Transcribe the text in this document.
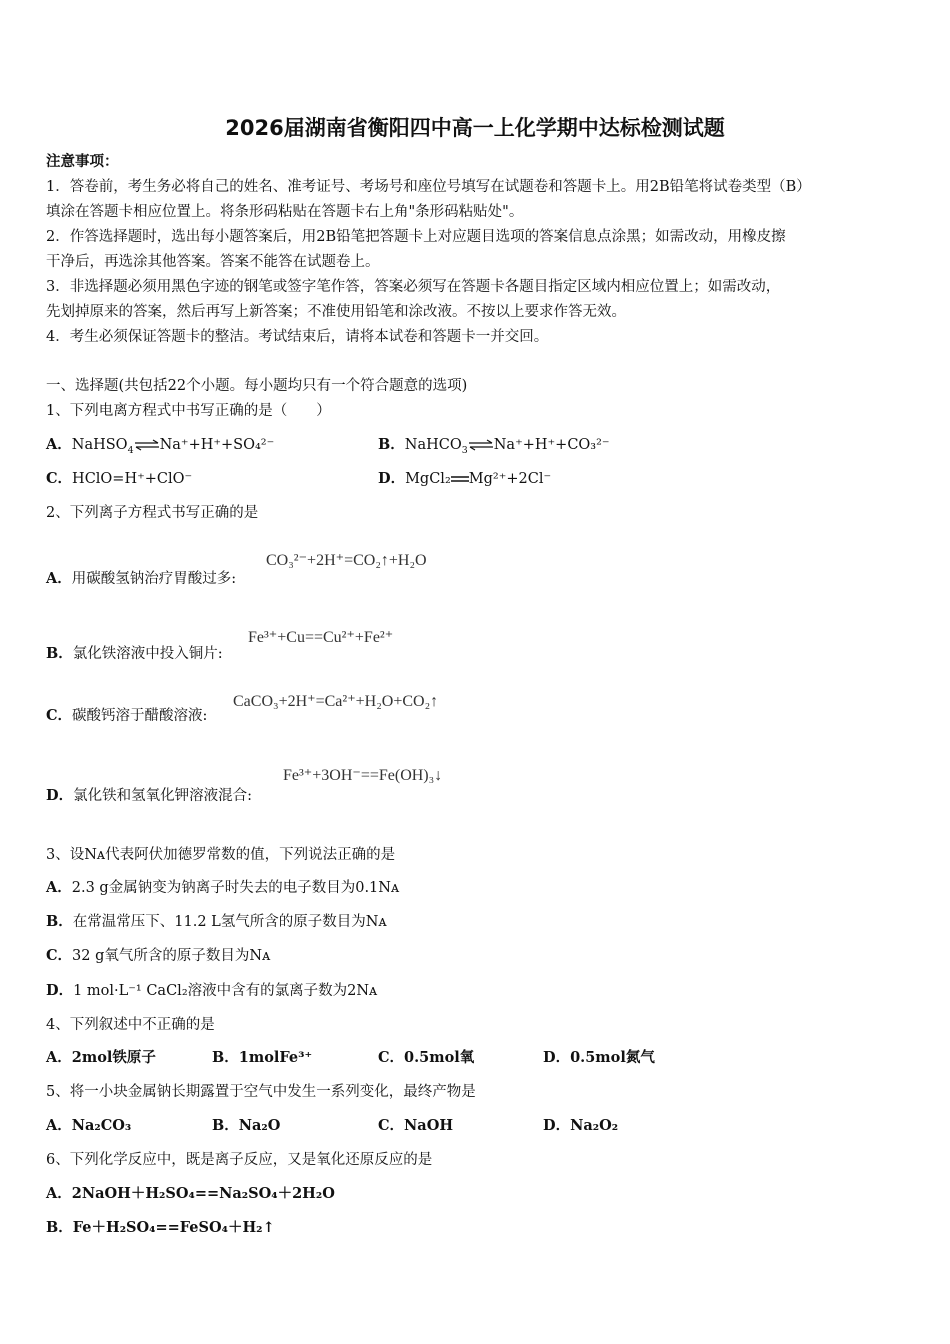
2026届湖南省衡阳四中高一上化学期中达标检测试题
注意事项：
1．答卷前，考生务必将自己的姓名、准考证号、考场号和座位号填写在试题卷和答题卡上。用2B铅笔将试卷类型（B）
填涂在答题卡相应位置上。将条形码粘贴在答题卡右上角"条形码粘贴处"。
2．作答选择题时，选出每小题答案后，用2B铅笔把答题卡上对应题目选项的答案信息点涂黑；如需改动，用橡皮擦
干净后，再选涂其他答案。答案不能答在试题卷上。
3．非选择题必须用黑色字迹的钢笔或签字笔作答，答案必须写在答题卡各题目指定区域内相应位置上；如需改动，
先划掉原来的答案，然后再写上新答案；不准使用铅笔和涂改液。不按以上要求作答无效。
4．考生必须保证答题卡的整洁。考试结束后，请将本试卷和答题卡一并交回。
一、选择题(共包括22个小题。每小题均只有一个符合题意的选项)
1、下列电离方程式中书写正确的是（　　）
A．NaHSO$_4$⇌Na⁺+H⁺+SO₄²⁻	B．NaHCO$_3$⇌Na⁺+H⁺+CO₃²⁻
C．HClO=H⁺+ClO⁻	D．MgCl₂ Mg²⁺+2Cl⁻
2、下列离子方程式书写正确的是
CO₃²⁻+2H⁺=CO₂↑+H₂O
A．用碳酸氢钠治疗胃酸过多:
Fe³⁺+Cu==Cu²⁺+Fe²⁺
B．氯化铁溶液中投入铜片:
CaCO₃+2H⁺=Ca²⁺+H₂O+CO₂↑
C．碳酸钙溶于醋酸溶液:
Fe³⁺+3OH⁻==Fe(OH)₃↓
D．氯化铁和氢氧化钾溶液混合:
3、设Nᴀ代表阿伏加德罗常数的值，下列说法正确的是
A．2.3 g金属钠变为钠离子时失去的电子数目为0.1Nᴀ
B．在常温常压下、11.2 L氢气所含的原子数目为Nᴀ
C．32 g氧气所含的原子数目为Nᴀ
D．1 mol·L⁻¹ CaCl₂溶液中含有的氯离子数为2Nᴀ
4、下列叙述中不正确的是
A．2mol铁原子	B．1molFe³⁺	C．0.5mol氧	D．0.5mol氮气
5、将一小块金属钠长期露置于空气中发生一系列变化，最终产物是
A．Na₂CO₃	B．Na₂O	C．NaOH	D．Na₂O₂
6、下列化学反应中，既是离子反应，又是氧化还原反应的是
A．2NaOH＋H₂SO₄==Na₂SO₄＋2H₂O
B．Fe＋H₂SO₄==FeSO₄＋H₂↑
